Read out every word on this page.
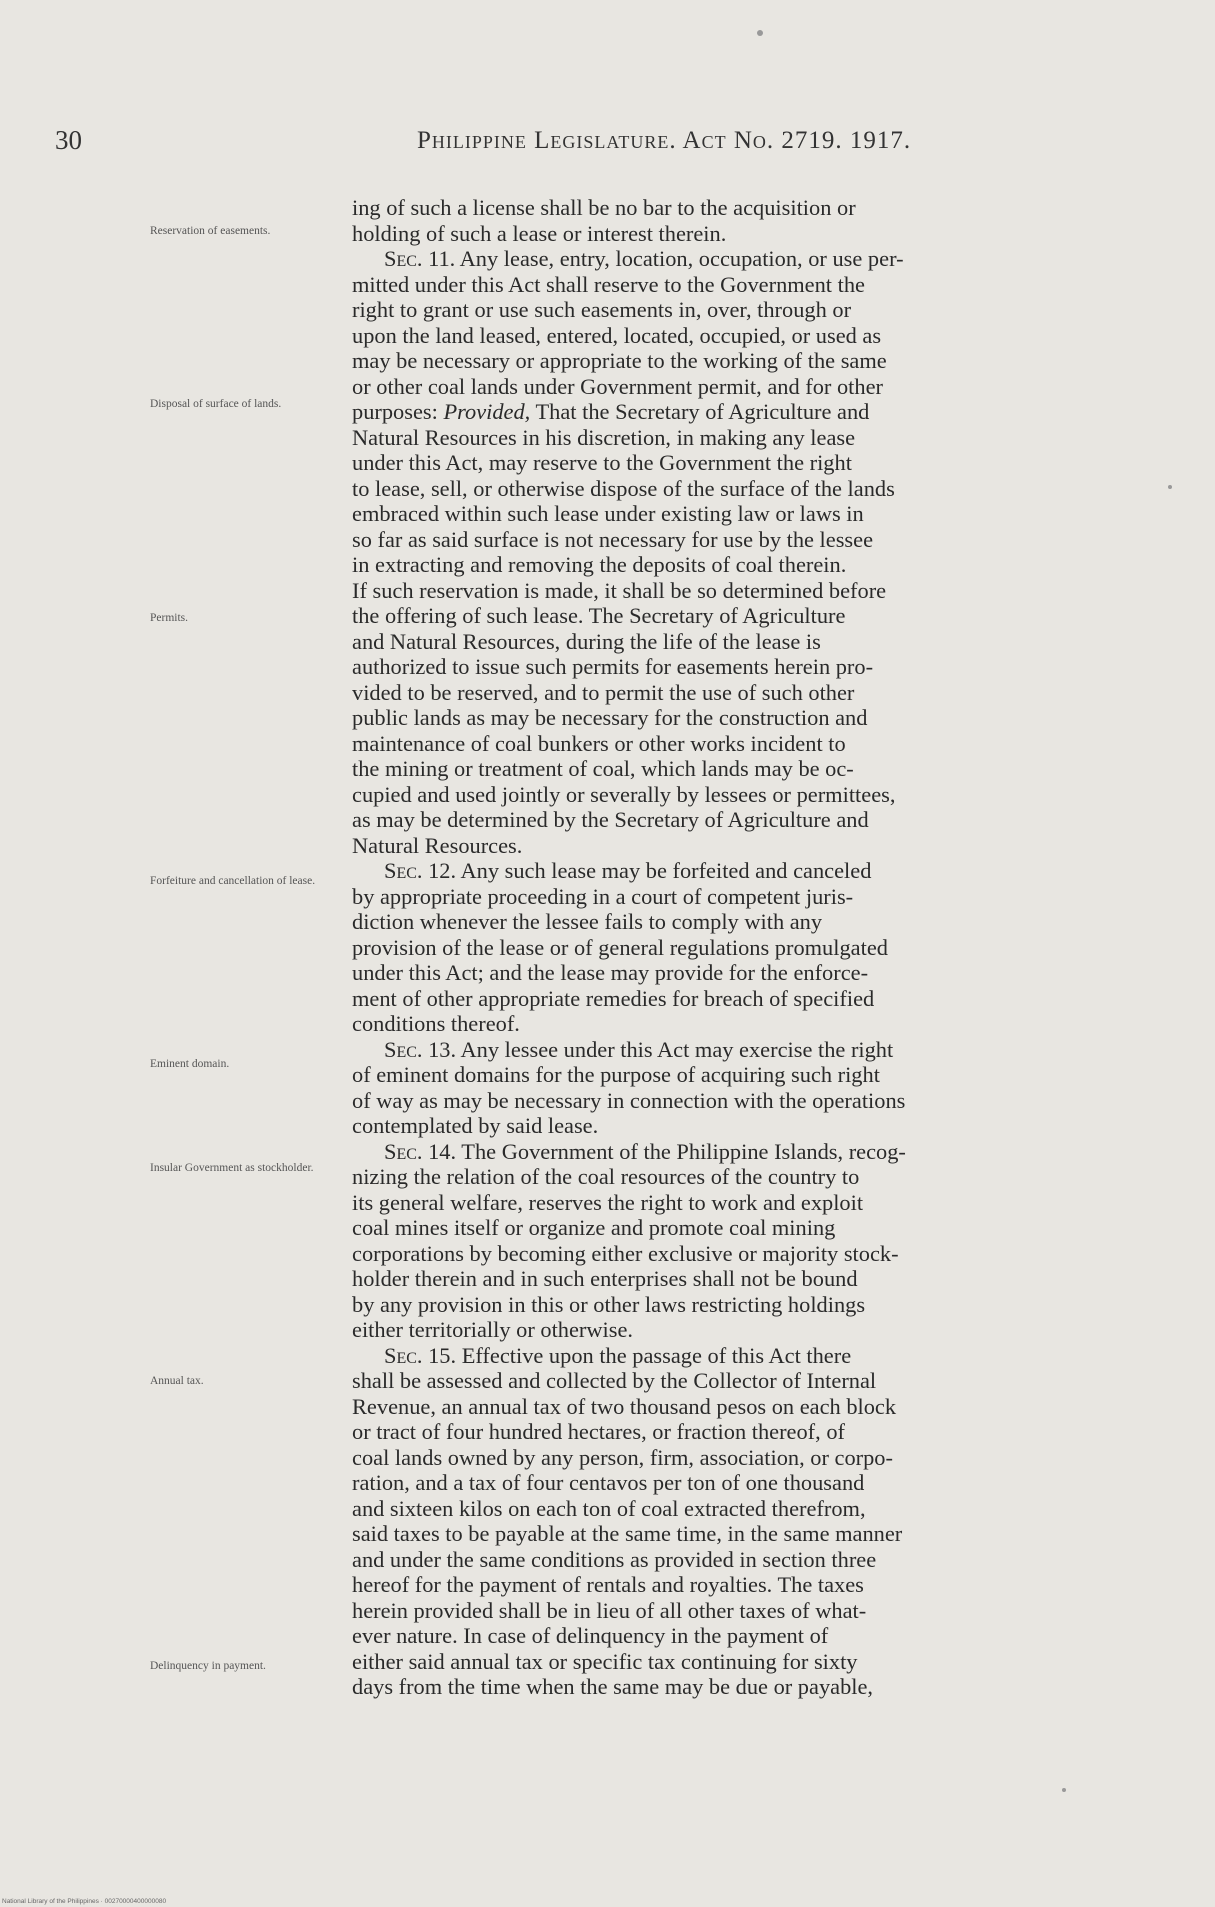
30	Philippine Legislature. Act No. 2719. 1917.
Reservation of easements.
Disposal of surface of lands.
Permits.
Forfeiture and cancellation of lease.
Eminent domain.
Insular Government as stockholder.
Annual tax.
Delinquency in payment.
ing of such a license shall be no bar to the acquisition or
holding of such a lease or interest therein.
Sec. 11. Any lease, entry, location, occupation, or use per-
mitted under this Act shall reserve to the Government the
right to grant or use such easements in, over, through or
upon the land leased, entered, located, occupied, or used as
may be necessary or appropriate to the working of the same
or other coal lands under Government permit, and for other
purposes: Provided, That the Secretary of Agriculture and
Natural Resources in his discretion, in making any lease
under this Act, may reserve to the Government the right
to lease, sell, or otherwise dispose of the surface of the lands
embraced within such lease under existing law or laws in
so far as said surface is not necessary for use by the lessee
in extracting and removing the deposits of coal therein.
If such reservation is made, it shall be so determined before
the offering of such lease. The Secretary of Agriculture
and Natural Resources, during the life of the lease is
authorized to issue such permits for easements herein pro-
vided to be reserved, and to permit the use of such other
public lands as may be necessary for the construction and
maintenance of coal bunkers or other works incident to
the mining or treatment of coal, which lands may be oc-
cupied and used jointly or severally by lessees or permittees,
as may be determined by the Secretary of Agriculture and
Natural Resources.
Sec. 12. Any such lease may be forfeited and canceled
by appropriate proceeding in a court of competent juris-
diction whenever the lessee fails to comply with any
provision of the lease or of general regulations promulgated
under this Act; and the lease may provide for the enforce-
ment of other appropriate remedies for breach of specified
conditions thereof.
Sec. 13. Any lessee under this Act may exercise the right
of eminent domains for the purpose of acquiring such right
of way as may be necessary in connection with the operations
contemplated by said lease.
Sec. 14. The Government of the Philippine Islands, recog-
nizing the relation of the coal resources of the country to
its general welfare, reserves the right to work and exploit
coal mines itself or organize and promote coal mining
corporations by becoming either exclusive or majority stock-
holder therein and in such enterprises shall not be bound
by any provision in this or other laws restricting holdings
either territorially or otherwise.
Sec. 15. Effective upon the passage of this Act there
shall be assessed and collected by the Collector of Internal
Revenue, an annual tax of two thousand pesos on each block
or tract of four hundred hectares, or fraction thereof, of
coal lands owned by any person, firm, association, or corpo-
ration, and a tax of four centavos per ton of one thousand
and sixteen kilos on each ton of coal extracted therefrom,
said taxes to be payable at the same time, in the same manner
and under the same conditions as provided in section three
hereof for the payment of rentals and royalties. The taxes
herein provided shall be in lieu of all other taxes of what-
ever nature. In case of delinquency in the payment of
either said annual tax or specific tax continuing for sixty
days from the time when the same may be due or payable,
National Library of the Philippines · 00270000400000080
